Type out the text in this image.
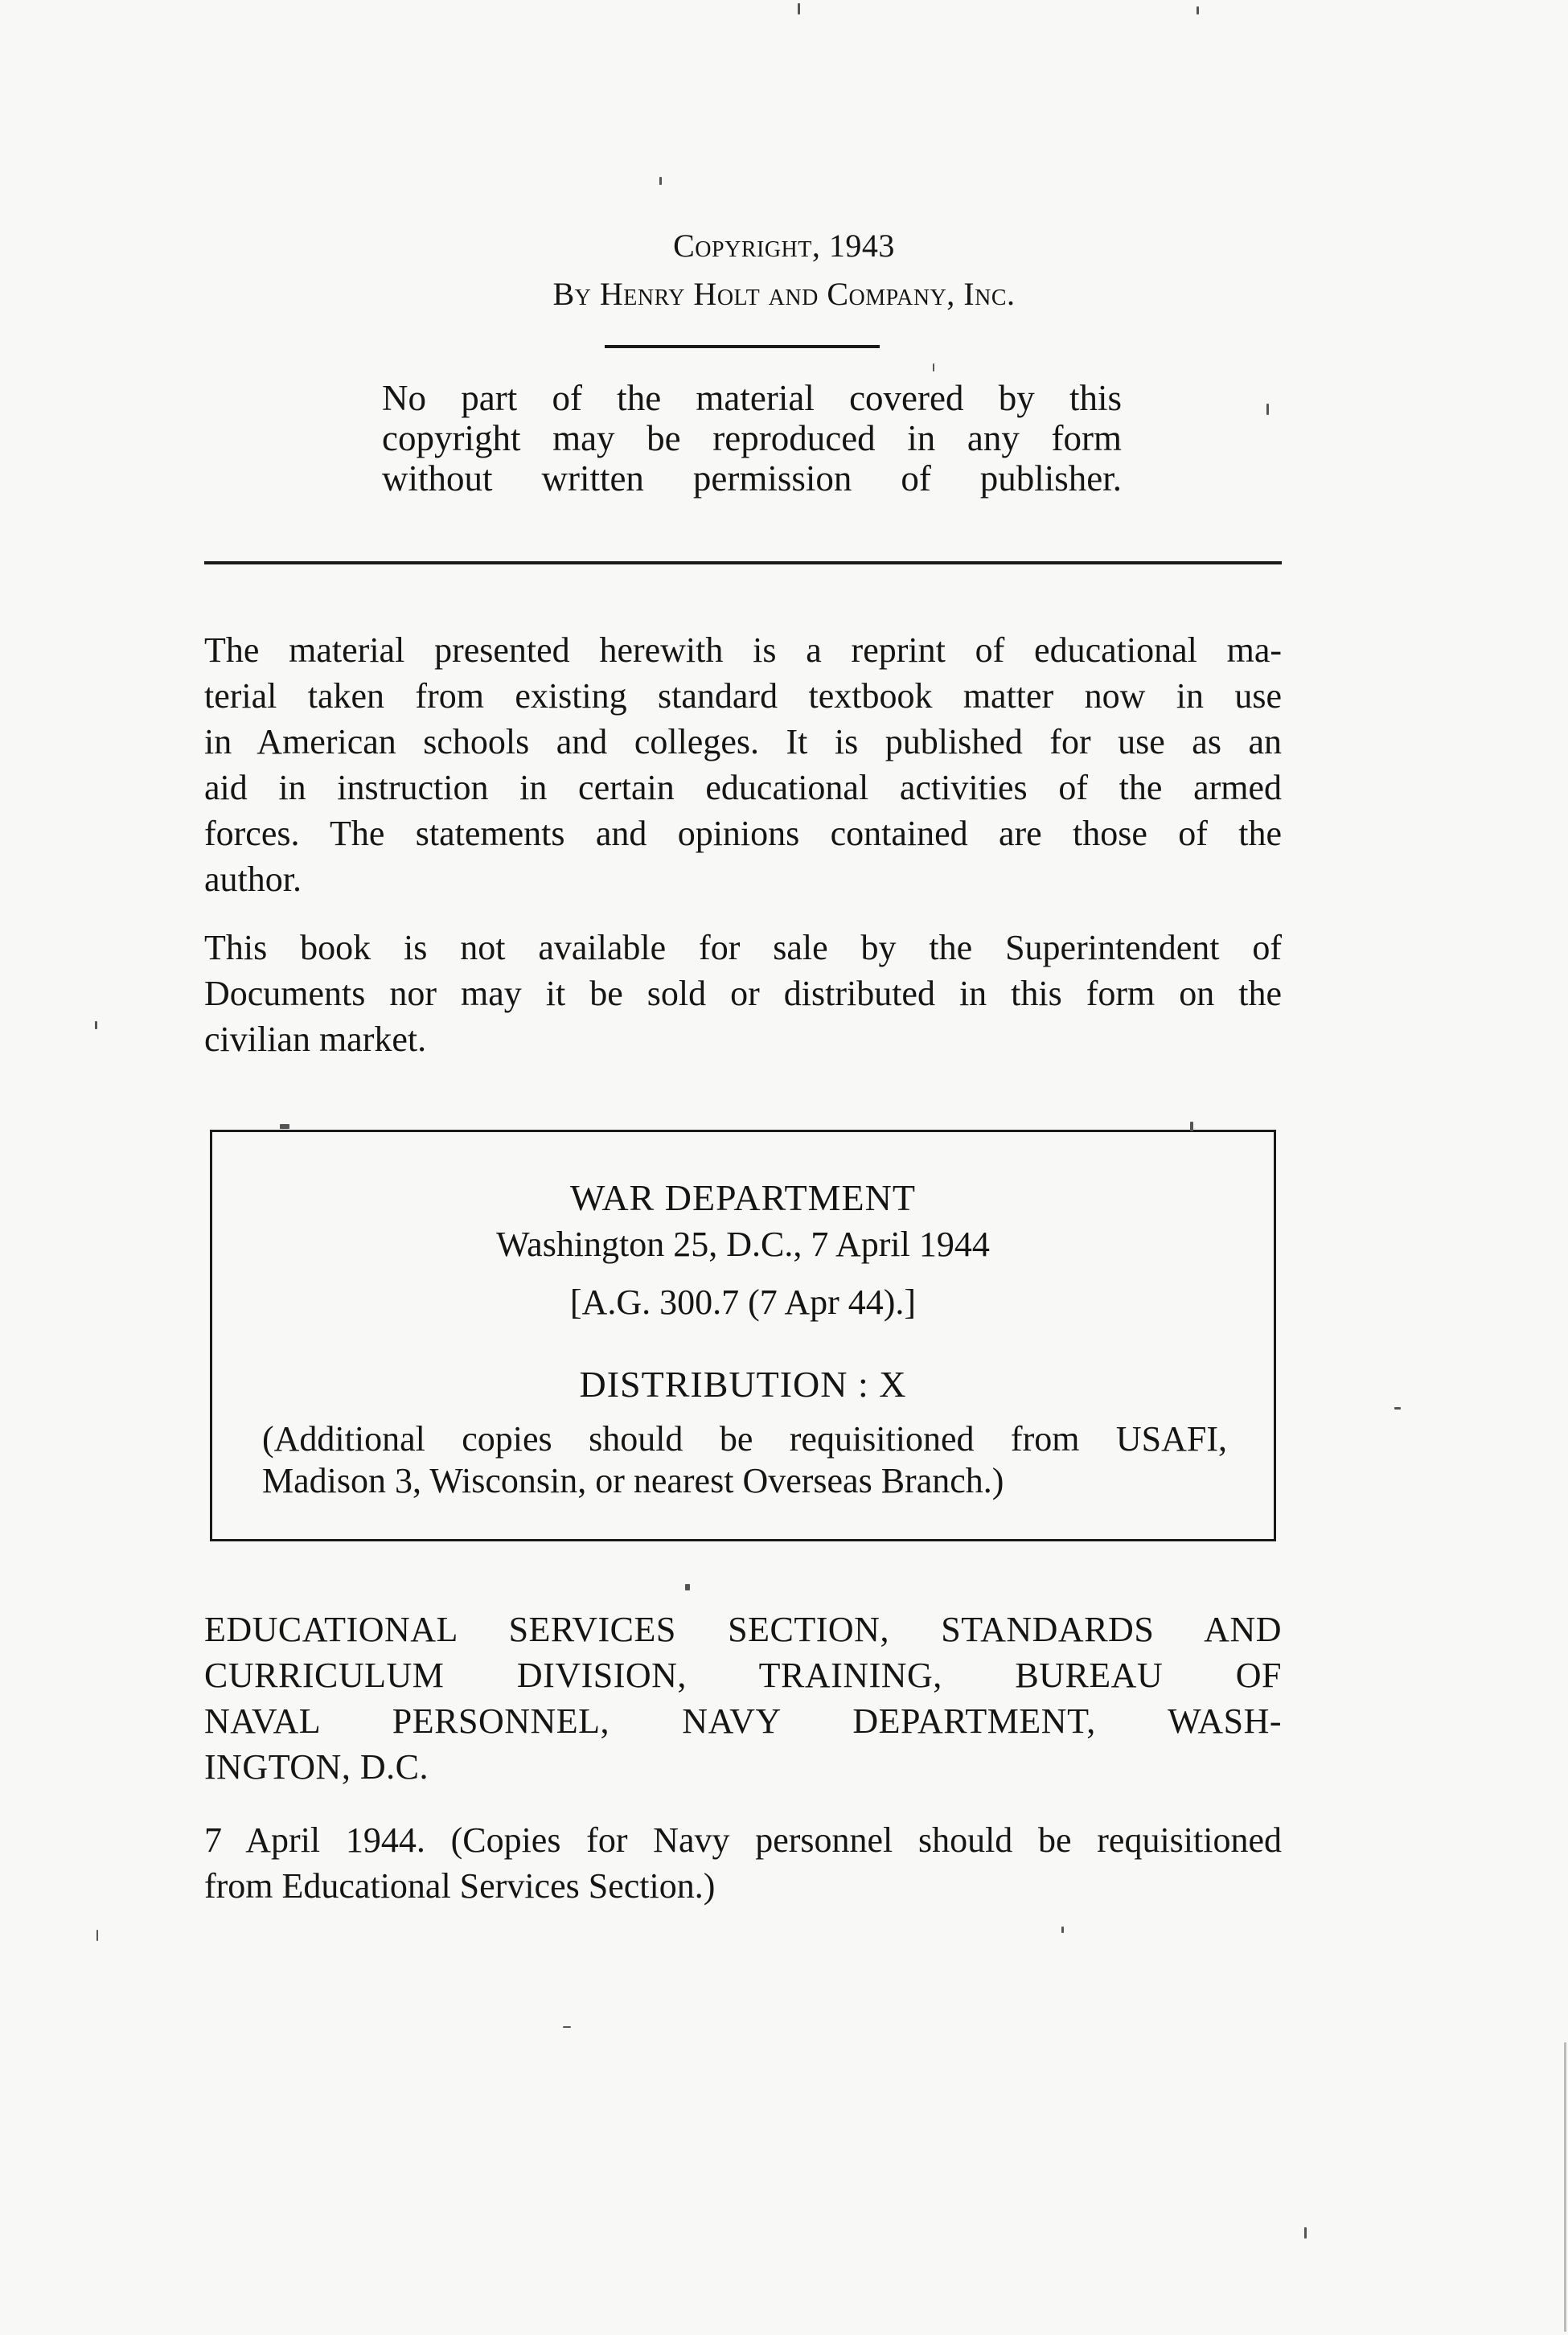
Copyright, 1943
By Henry Holt and Company, Inc.
No part of the material covered by this
copyright may be reproduced in any form
without written permission of publisher.
The material presented herewith is a reprint of educational ma-
terial taken from existing standard textbook matter now in use
in American schools and colleges. It is published for use as an
aid in instruction in certain educational activities of the armed
forces. The statements and opinions contained are those of the
author.
This book is not available for sale by the Superintendent of
Documents nor may it be sold or distributed in this form on the
civilian market.
WAR DEPARTMENT
Washington 25, D.C., 7 April 1944
[A.G. 300.7 (7 Apr 44).]
DISTRIBUTION : X
(Additional copies should be requisitioned from USAFI,
Madison 3, Wisconsin, or nearest Overseas Branch.)
EDUCATIONAL SERVICES SECTION, STANDARDS AND
CURRICULUM DIVISION, TRAINING, BUREAU OF
NAVAL PERSONNEL, NAVY DEPARTMENT, WASH-
INGTON, D.C.
7 April 1944. (Copies for Navy personnel should be requisitioned
from Educational Services Section.)
